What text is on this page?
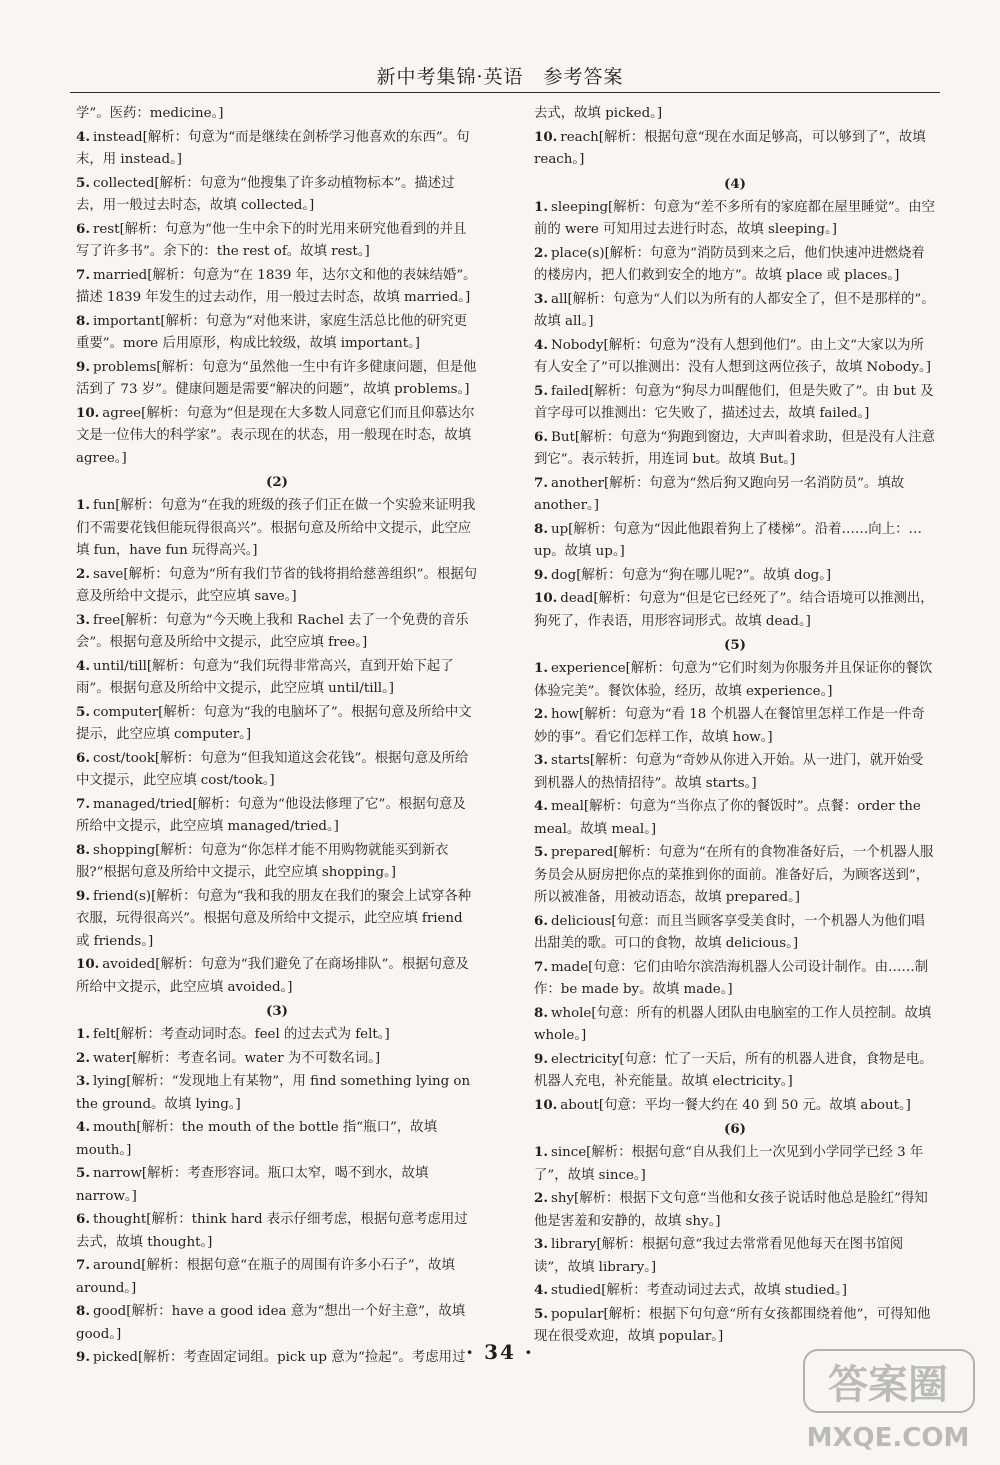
新中考集锦·英语　参考答案
学”。医药：medicine。]
4. instead[解析：句意为“而是继续在剑桥学习他喜欢的东西”。句末，用 instead。]
5. collected[解析：句意为“他搜集了许多动植物标本”。描述过去，用一般过去时态，故填 collected。]
6. rest[解析：句意为“他一生中余下的时光用来研究他看到的并且写了许多书”。余下的：the rest of。故填 rest。]
7. married[解析：句意为“在 1839 年，达尔文和他的表妹结婚”。描述 1839 年发生的过去动作，用一般过去时态，故填 married。]
8. important[解析：句意为“对他来讲，家庭生活总比他的研究更重要”。more 后用原形，构成比较级，故填 important。]
9. problems[解析：句意为“虽然他一生中有许多健康问题，但是他活到了 73 岁”。健康问题是需要“解决的问题”，故填 problems。]
10. agree[解析：句意为“但是现在大多数人同意它们而且仰慕达尔文是一位伟大的科学家”。表示现在的状态，用一般现在时态，故填 agree。]
(2)
1. fun[解析：句意为“在我的班级的孩子们正在做一个实验来证明我们不需要花钱但能玩得很高兴”。根据句意及所给中文提示，此空应填 fun，have fun 玩得高兴。]
2. save[解析：句意为“所有我们节省的钱将捐给慈善组织”。根据句意及所给中文提示，此空应填 save。]
3. free[解析：句意为“今天晚上我和 Rachel 去了一个免费的音乐会”。根据句意及所给中文提示，此空应填 free。]
4. until/till[解析：句意为“我们玩得非常高兴，直到开始下起了雨”。根据句意及所给中文提示，此空应填 until/till。]
5. computer[解析：句意为“我的电脑坏了”。根据句意及所给中文提示，此空应填 computer。]
6. cost/took[解析：句意为“但我知道这会花钱”。根据句意及所给中文提示，此空应填 cost/took。]
7. managed/tried[解析：句意为“他设法修理了它”。根据句意及所给中文提示，此空应填 managed/tried。]
8. shopping[解析：句意为“你怎样才能不用购物就能买到新衣服?”根据句意及所给中文提示，此空应填 shopping。]
9. friend(s)[解析：句意为“我和我的朋友在我们的聚会上试穿各种衣服，玩得很高兴”。根据句意及所给中文提示，此空应填 friend 或 friends。]
10. avoided[解析：句意为“我们避免了在商场排队”。根据句意及所给中文提示，此空应填 avoided。]
(3)
1. felt[解析：考查动词时态。feel 的过去式为 felt。]
2. water[解析：考查名词。water 为不可数名词。]
3. lying[解析：“发现地上有某物”，用 find something lying on the ground。故填 lying。]
4. mouth[解析：the mouth of the bottle 指“瓶口”，故填 mouth。]
5. narrow[解析：考查形容词。瓶口太窄，喝不到水，故填 narrow。]
6. thought[解析：think hard 表示仔细考虑，根据句意考虑用过去式，故填 thought。]
7. around[解析：根据句意“在瓶子的周围有许多小石子”，故填 around。]
8. good[解析：have a good idea 意为“想出一个好主意”，故填 good。]
9. picked[解析：考查固定词组。pick up 意为“捡起”。考虑用过
去式，故填 picked。]
10. reach[解析：根据句意“现在水面足够高，可以够到了”，故填 reach。]
(4)
1. sleeping[解析：句意为“差不多所有的家庭都在屋里睡觉”。由空前的 were 可知用过去进行时态，故填 sleeping。]
2. place(s)[解析：句意为“消防员到来之后，他们快速冲进燃烧着的楼房内，把人们救到安全的地方”。故填 place 或 places。]
3. all[解析：句意为“人们以为所有的人都安全了，但不是那样的”。故填 all。]
4. Nobody[解析：句意为“没有人想到他们”。由上文“大家以为所有人安全了”可以推测出：没有人想到这两位孩子，故填 Nobody。]
5. failed[解析：句意为“狗尽力叫醒他们，但是失败了”。由 but 及首字母可以推测出：它失败了，描述过去，故填 failed。]
6. But[解析：句意为“狗跑到窗边，大声叫着求助，但是没有人注意到它”。表示转折，用连词 but。故填 But。]
7. another[解析：句意为“然后狗又跑向另一名消防员”。填故 another。]
8. up[解析：句意为“因此他跟着狗上了楼梯”。沿着……向上：…up。故填 up。]
9. dog[解析：句意为“狗在哪儿呢?”。故填 dog。]
10. dead[解析：句意为“但是它已经死了”。结合语境可以推测出，狗死了，作表语，用形容词形式。故填 dead。]
(5)
1. experience[解析：句意为“它们时刻为你服务并且保证你的餐饮体验完美”。餐饮体验，经历，故填 experience。]
2. how[解析：句意为“看 18 个机器人在餐馆里怎样工作是一件奇妙的事”。看它们怎样工作，故填 how。]
3. starts[解析：句意为“奇妙从你进入开始。从一进门，就开始受到机器人的热情招待”。故填 starts。]
4. meal[解析：句意为“当你点了你的餐饭时”。点餐：order the meal。故填 meal。]
5. prepared[解析：句意为“在所有的食物准备好后，一个机器人服务员会从厨房把你点的菜推到你的面前。准备好后，为顾客送到”，所以被准备，用被动语态，故填 prepared。]
6. delicious[句意：而且当顾客享受美食时，一个机器人为他们唱出甜美的歌。可口的食物，故填 delicious。]
7. made[句意：它们由哈尔滨浩海机器人公司设计制作。由……制作：be made by。故填 made。]
8. whole[句意：所有的机器人团队由电脑室的工作人员控制。故填 whole。]
9. electricity[句意：忙了一天后，所有的机器人进食，食物是电。机器人充电，补充能量。故填 electricity。]
10. about[句意：平均一餐大约在 40 到 50 元。故填 about。]
(6)
1. since[解析：根据句意“自从我们上一次见到小学同学已经 3 年了”，故填 since。]
2. shy[解析：根据下文句意“当他和女孩子说话时他总是脸红”得知他是害羞和安静的，故填 shy。]
3. library[解析：根据句意“我过去常常看见他每天在图书馆阅读”，故填 library。]
4. studied[解析：考查动词过去式，故填 studied。]
5. popular[解析：根据下句句意“所有女孩都围绕着他”，可得知他现在很受欢迎，故填 popular。]
· 34 ·
答案圈
MXQE.COM
